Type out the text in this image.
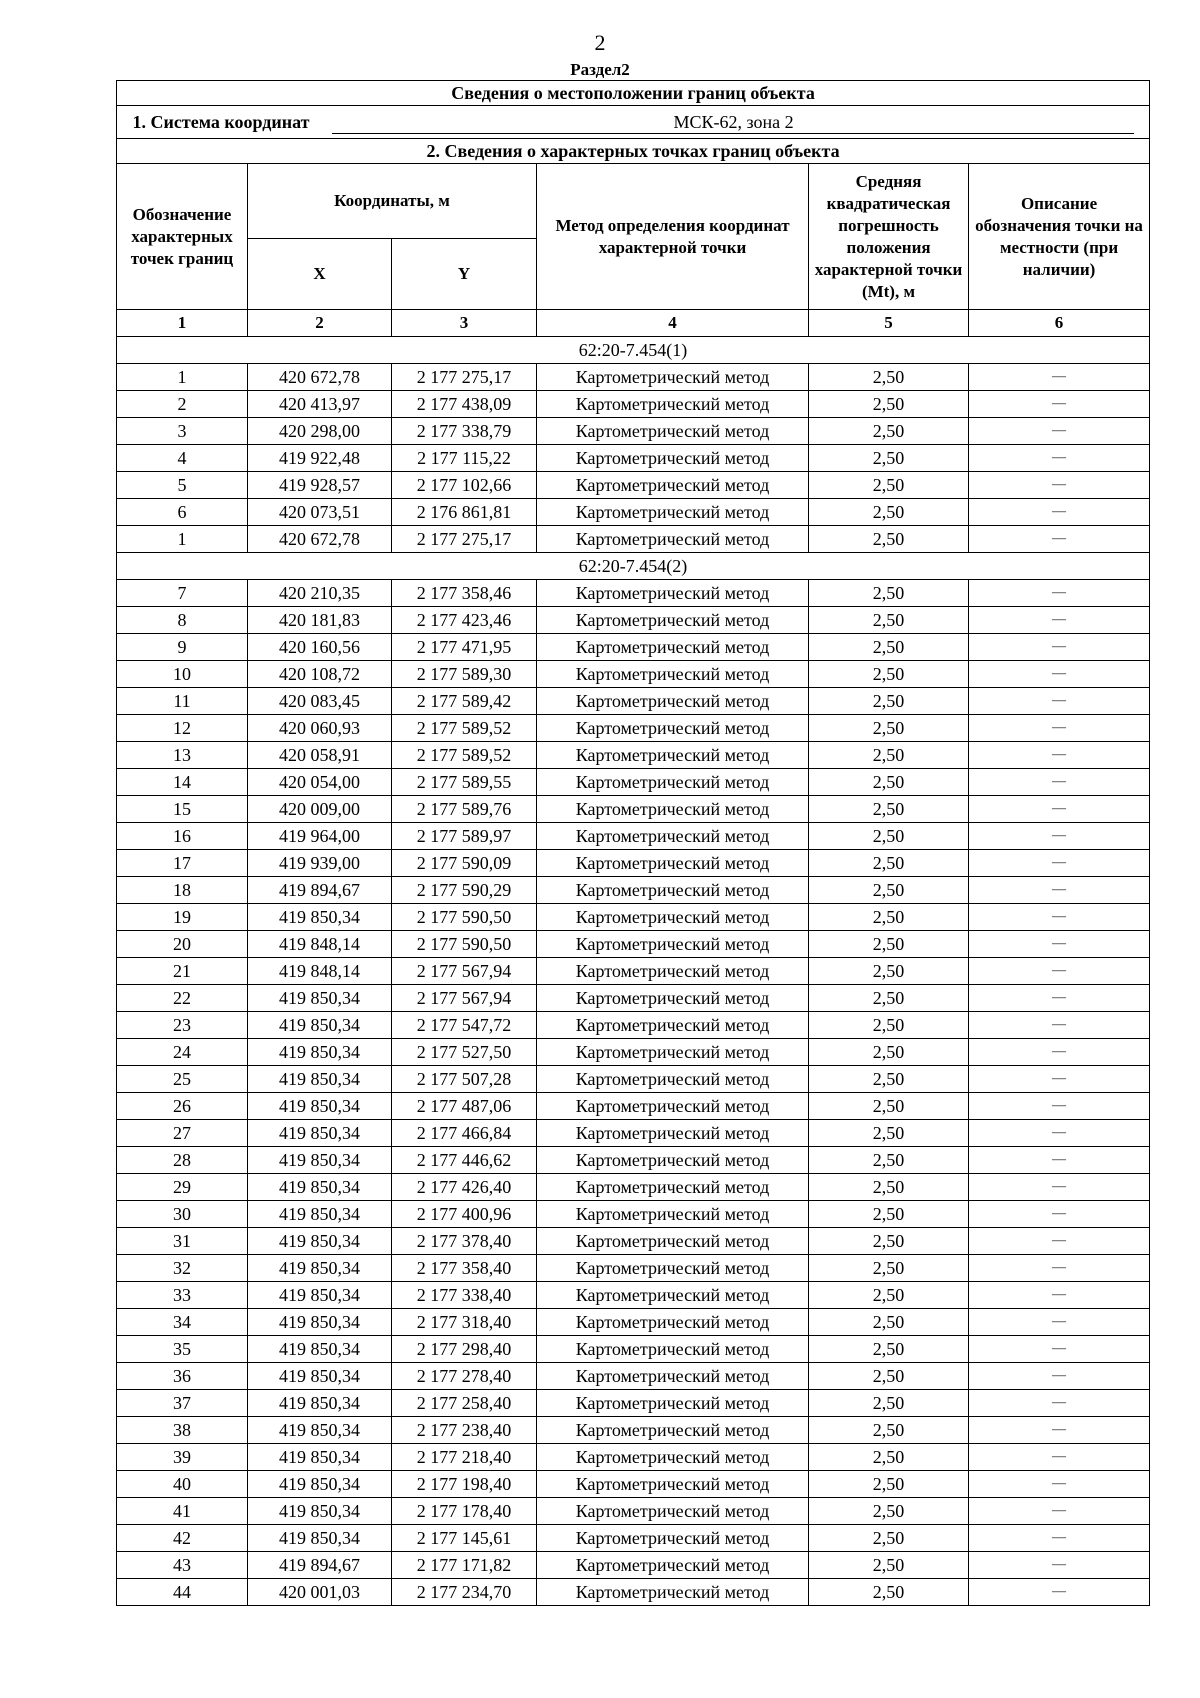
2
Раздел2
Сведения о местоположении границ объекта					
1. Система координат МСК-62, зона 2					
2. Сведения о характерных точках границ объекта					
Обозначение характерных точек границ	Координаты, м		Метод определения координат характерной точки	Средняя квадратическая погрешность положения характерной точки (Mt), м	Описание обозначения точки на местности (при наличии)
	X	Y			
1	2	3	4	5	6
62:20-7.454(1)					
1	420 672,78	2 177 275,17	Картометрический метод	2,50	—
2	420 413,97	2 177 438,09	Картометрический метод	2,50	—
3	420 298,00	2 177 338,79	Картометрический метод	2,50	—
4	419 922,48	2 177 115,22	Картометрический метод	2,50	—
5	419 928,57	2 177 102,66	Картометрический метод	2,50	—
6	420 073,51	2 176 861,81	Картометрический метод	2,50	—
1	420 672,78	2 177 275,17	Картометрический метод	2,50	—
62:20-7.454(2)					
7	420 210,35	2 177 358,46	Картометрический метод	2,50	—
8	420 181,83	2 177 423,46	Картометрический метод	2,50	—
9	420 160,56	2 177 471,95	Картометрический метод	2,50	—
10	420 108,72	2 177 589,30	Картометрический метод	2,50	—
11	420 083,45	2 177 589,42	Картометрический метод	2,50	—
12	420 060,93	2 177 589,52	Картометрический метод	2,50	—
13	420 058,91	2 177 589,52	Картометрический метод	2,50	—
14	420 054,00	2 177 589,55	Картометрический метод	2,50	—
15	420 009,00	2 177 589,76	Картометрический метод	2,50	—
16	419 964,00	2 177 589,97	Картометрический метод	2,50	—
17	419 939,00	2 177 590,09	Картометрический метод	2,50	—
18	419 894,67	2 177 590,29	Картометрический метод	2,50	—
19	419 850,34	2 177 590,50	Картометрический метод	2,50	—
20	419 848,14	2 177 590,50	Картометрический метод	2,50	—
21	419 848,14	2 177 567,94	Картометрический метод	2,50	—
22	419 850,34	2 177 567,94	Картометрический метод	2,50	—
23	419 850,34	2 177 547,72	Картометрический метод	2,50	—
24	419 850,34	2 177 527,50	Картометрический метод	2,50	—
25	419 850,34	2 177 507,28	Картометрический метод	2,50	—
26	419 850,34	2 177 487,06	Картометрический метод	2,50	—
27	419 850,34	2 177 466,84	Картометрический метод	2,50	—
28	419 850,34	2 177 446,62	Картометрический метод	2,50	—
29	419 850,34	2 177 426,40	Картометрический метод	2,50	—
30	419 850,34	2 177 400,96	Картометрический метод	2,50	—
31	419 850,34	2 177 378,40	Картометрический метод	2,50	—
32	419 850,34	2 177 358,40	Картометрический метод	2,50	—
33	419 850,34	2 177 338,40	Картометрический метод	2,50	—
34	419 850,34	2 177 318,40	Картометрический метод	2,50	—
35	419 850,34	2 177 298,40	Картометрический метод	2,50	—
36	419 850,34	2 177 278,40	Картометрический метод	2,50	—
37	419 850,34	2 177 258,40	Картометрический метод	2,50	—
38	419 850,34	2 177 238,40	Картометрический метод	2,50	—
39	419 850,34	2 177 218,40	Картометрический метод	2,50	—
40	419 850,34	2 177 198,40	Картометрический метод	2,50	—
41	419 850,34	2 177 178,40	Картометрический метод	2,50	—
42	419 850,34	2 177 145,61	Картометрический метод	2,50	—
43	419 894,67	2 177 171,82	Картометрический метод	2,50	—
44	420 001,03	2 177 234,70	Картометрический метод	2,50	—
